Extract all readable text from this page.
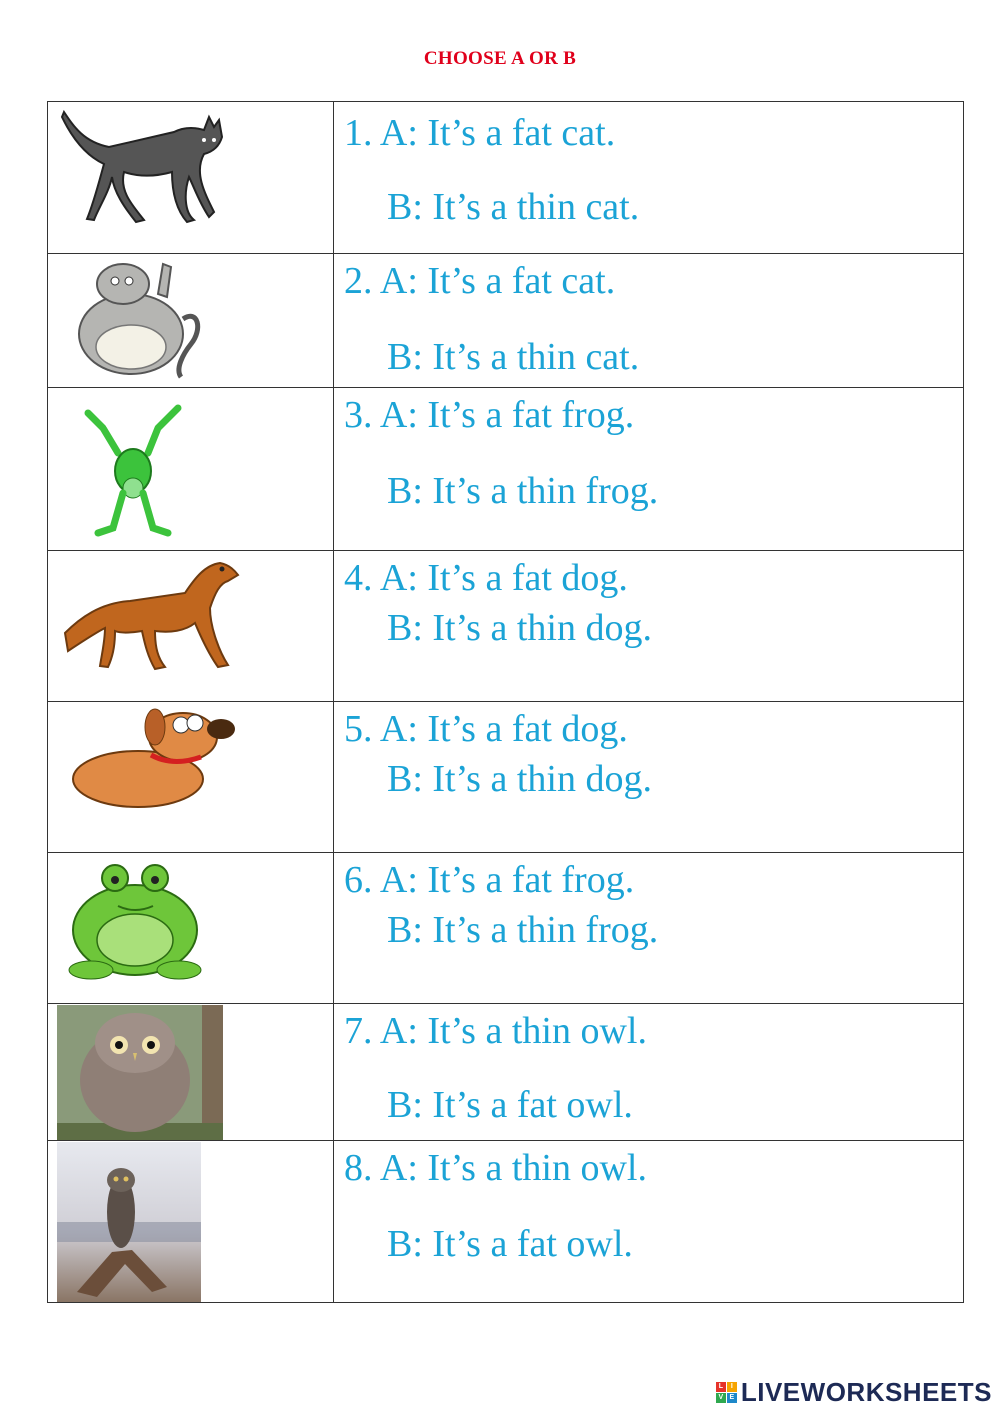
CHOOSE A OR B

1. A: It’s a fat cat.
B: It’s a thin cat.

2. A: It’s a fat cat.
B: It’s a thin cat.

3. A: It’s a fat frog.
B: It’s a thin frog.

4. A: It’s a fat dog.
B: It’s a thin dog.

5. A: It’s a fat dog.
B: It’s a thin dog.

6. A: It’s a fat frog.
B: It’s a thin frog.

7. A: It’s a thin owl.
B: It’s a fat owl.

8. A: It’s a thin owl.
B: It’s a fat owl.
L	I
V E LIVEWORKSHEETS
